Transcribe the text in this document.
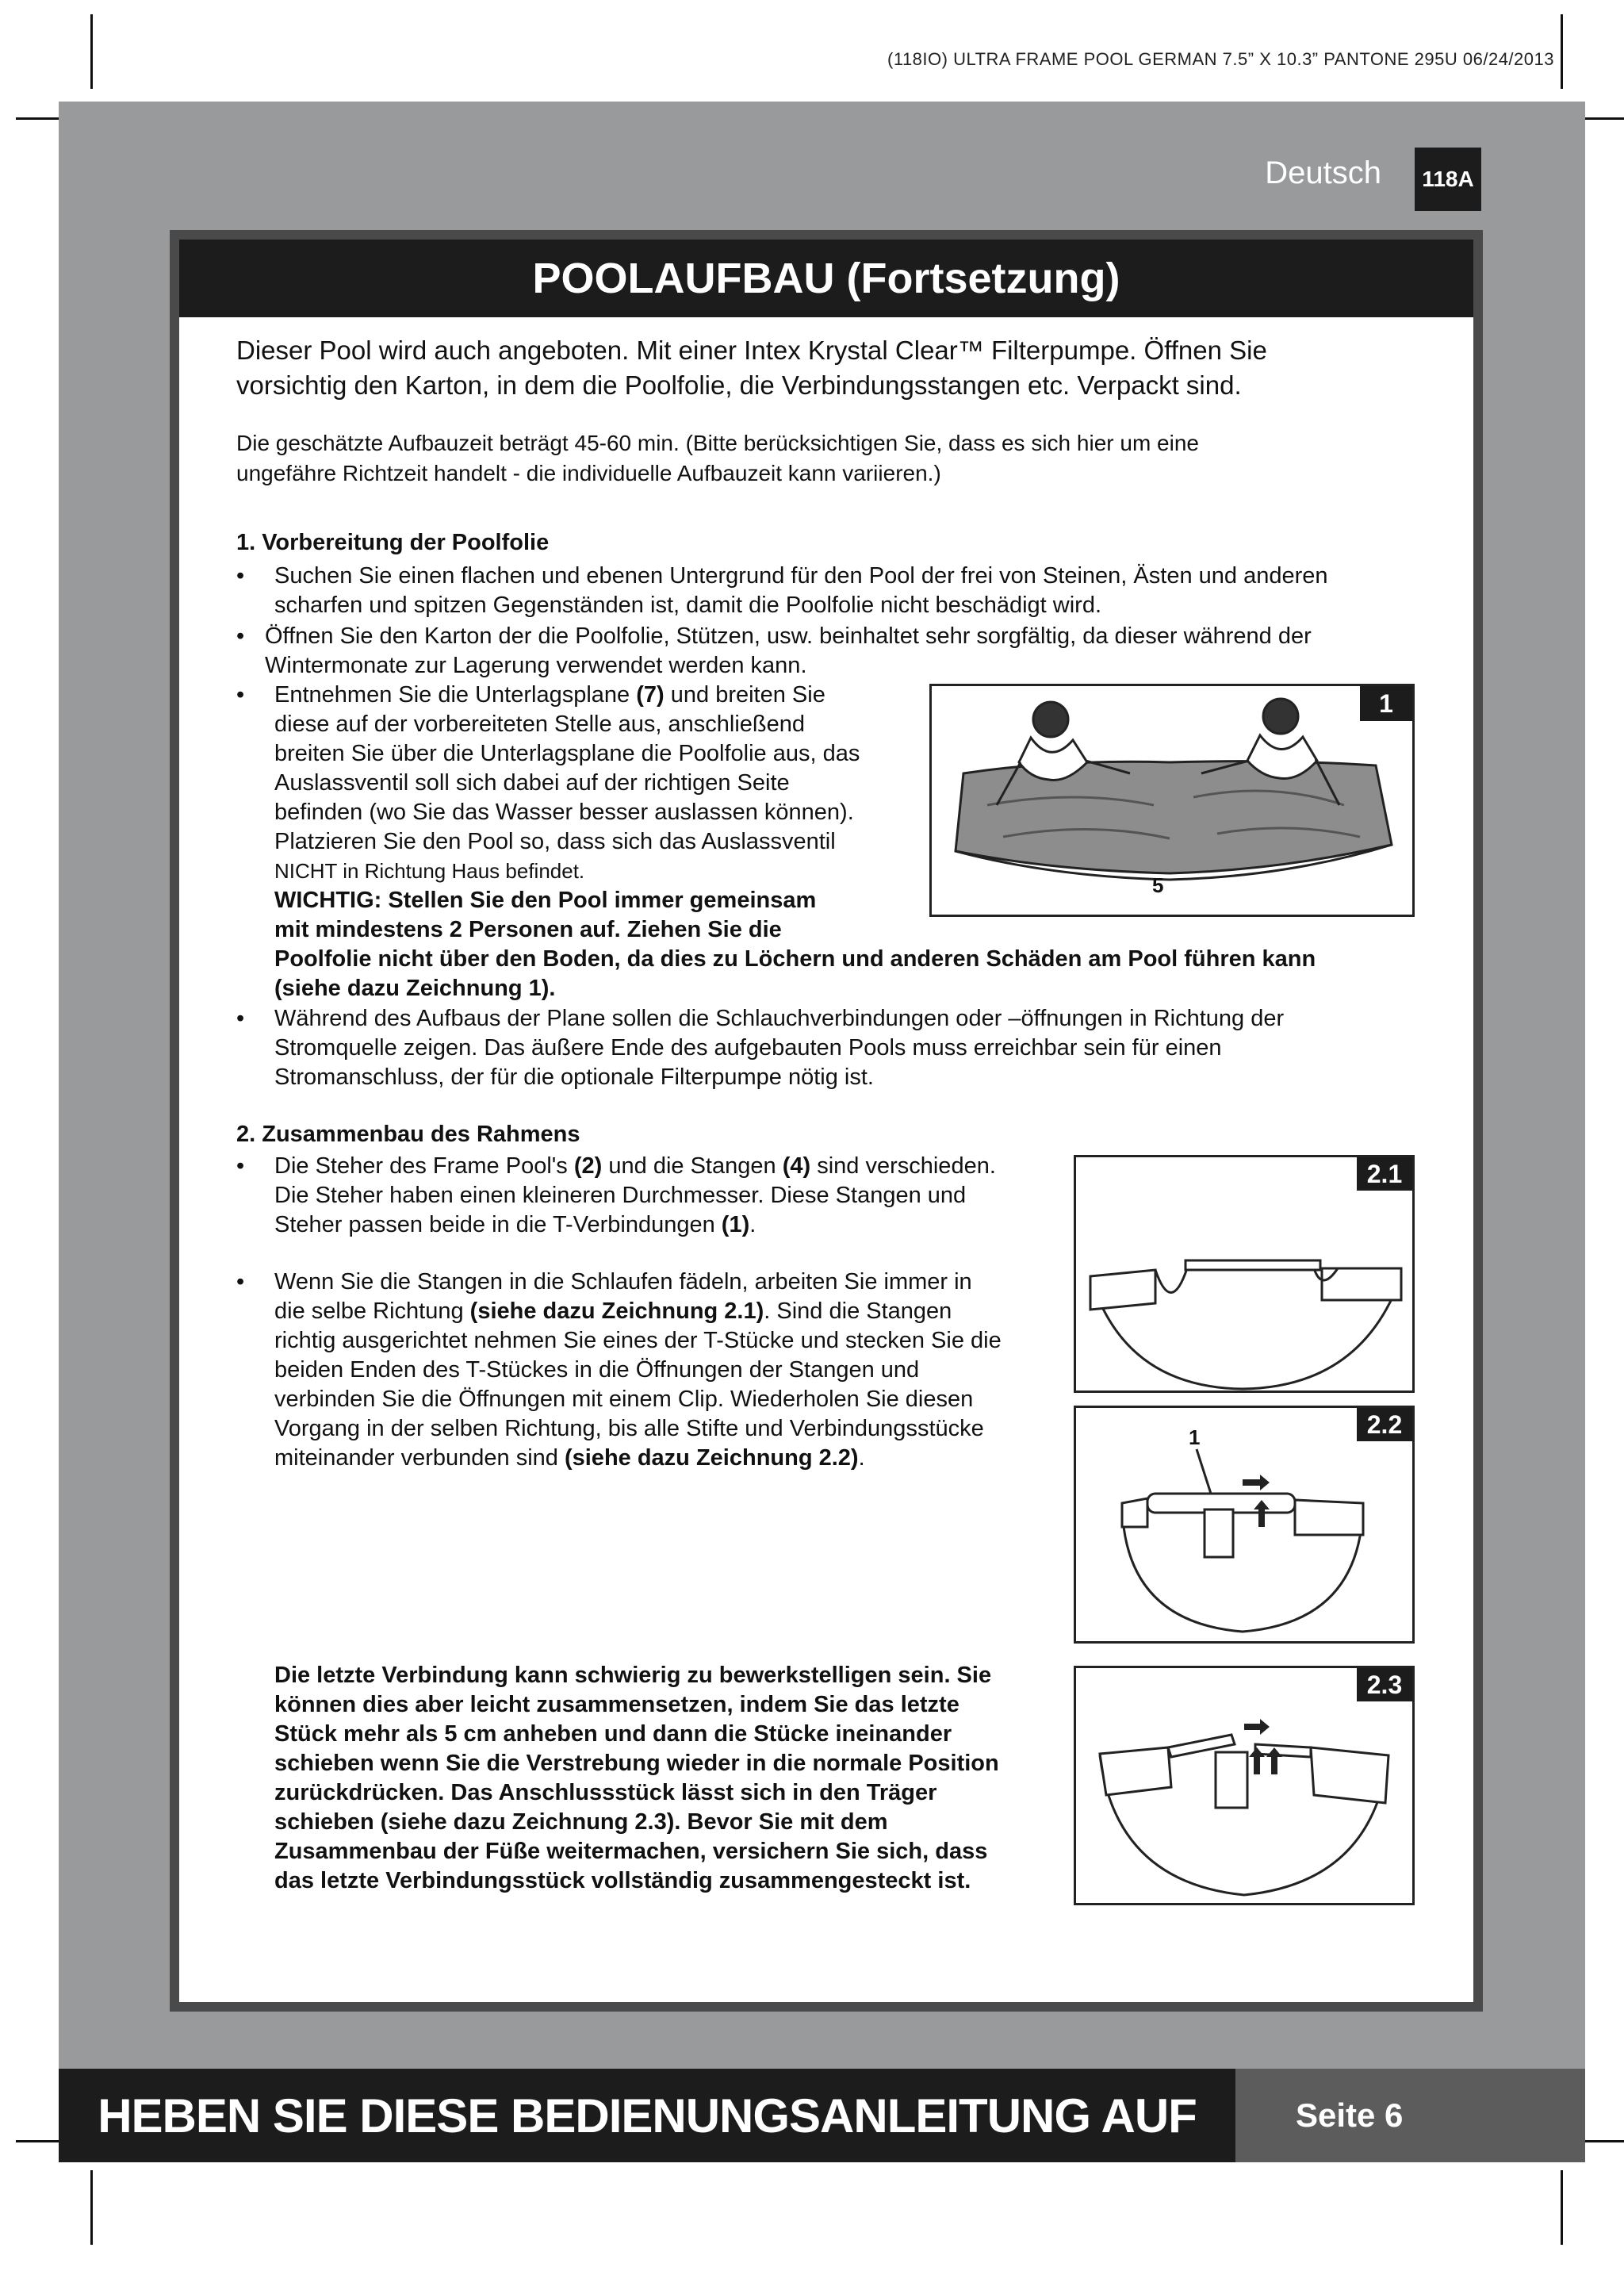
(118IO) ULTRA FRAME POOL GERMAN 7.5” X 10.3” PANTONE 295U 06/24/2013
Deutsch	118A
POOLAUFBAU (Fortsetzung)
Dieser Pool wird auch angeboten. Mit einer Intex Krystal Clear™ Filterpumpe. Öffnen Sie
vorsichtig den Karton, in dem die Poolfolie, die Verbindungsstangen etc. Verpackt sind.
Die geschätzte Aufbauzeit beträgt 45-60 min. (Bitte berücksichtigen Sie, dass es sich hier um eine
ungefähre Richtzeit handelt - die individuelle Aufbauzeit kann variieren.)
1. Vorbereitung der Poolfolie
• Suchen Sie einen flachen und ebenen Untergrund für den Pool der frei von Steinen, Ästen und anderen
scharfen und spitzen Gegenständen ist, damit die Poolfolie nicht beschädigt wird.
• Öffnen Sie den Karton der die Poolfolie, Stützen, usw. beinhaltet sehr sorgfältig, da dieser während der
Wintermonate zur Lagerung verwendet werden kann.
• Entnehmen Sie die Unterlagsplane (7) und breiten Sie
diese auf der vorbereiteten Stelle aus, anschließend
breiten Sie über die Unterlagsplane die Poolfolie aus, das
Auslassventil soll sich dabei auf der richtigen Seite
befinden (wo Sie das Wasser besser auslassen können).
Platzieren Sie den Pool so, dass sich das Auslassventil
NICHT in Richtung Haus befindet.
WICHTIG: Stellen Sie den Pool immer gemeinsam
mit mindestens 2 Personen auf. Ziehen Sie die
Poolfolie nicht über den Boden, da dies zu Löchern und anderen Schäden am Pool führen kann
(siehe dazu Zeichnung 1).
• Während des Aufbaus der Plane sollen die Schlauchverbindungen oder –öffnungen in Richtung der
Stromquelle zeigen. Das äußere Ende des aufgebauten Pools muss erreichbar sein für einen
Stromanschluss, der für die optionale Filterpumpe nötig ist.
1
5
2. Zusammenbau des Rahmens
• Die Steher des Frame Pool's (2) und die Stangen (4) sind verschieden.
Die Steher haben einen kleineren Durchmesser. Diese Stangen und
Steher passen beide in die T-Verbindungen (1).
• Wenn Sie die Stangen in die Schlaufen fädeln, arbeiten Sie immer in
die selbe Richtung (siehe dazu Zeichnung 2.1). Sind die Stangen
richtig ausgerichtet nehmen Sie eines der T-Stücke und stecken Sie die
beiden Enden des T-Stückes in die Öffnungen der Stangen und
verbinden Sie die Öffnungen mit einem Clip. Wiederholen Sie diesen
Vorgang in der selben Richtung, bis alle Stifte und Verbindungsstücke
miteinander verbunden sind (siehe dazu Zeichnung 2.2).
Die letzte Verbindung kann schwierig zu bewerkstelligen sein. Sie
können dies aber leicht zusammensetzen, indem Sie das letzte
Stück mehr als 5 cm anheben und dann die Stücke ineinander
schieben wenn Sie die Verstrebung wieder in die normale Position
zurückdrücken. Das Anschlussstück lässt sich in den Träger
schieben (siehe dazu Zeichnung 2.3). Bevor Sie mit dem
Zusammenbau der Füße weitermachen, versichern Sie sich, dass
das letzte Verbindungsstück vollständig zusammengesteckt ist.
2.1
2.2
1
2.3
HEBEN SIE DIESE BEDIENUNGSANLEITUNG AUF	Seite 6
